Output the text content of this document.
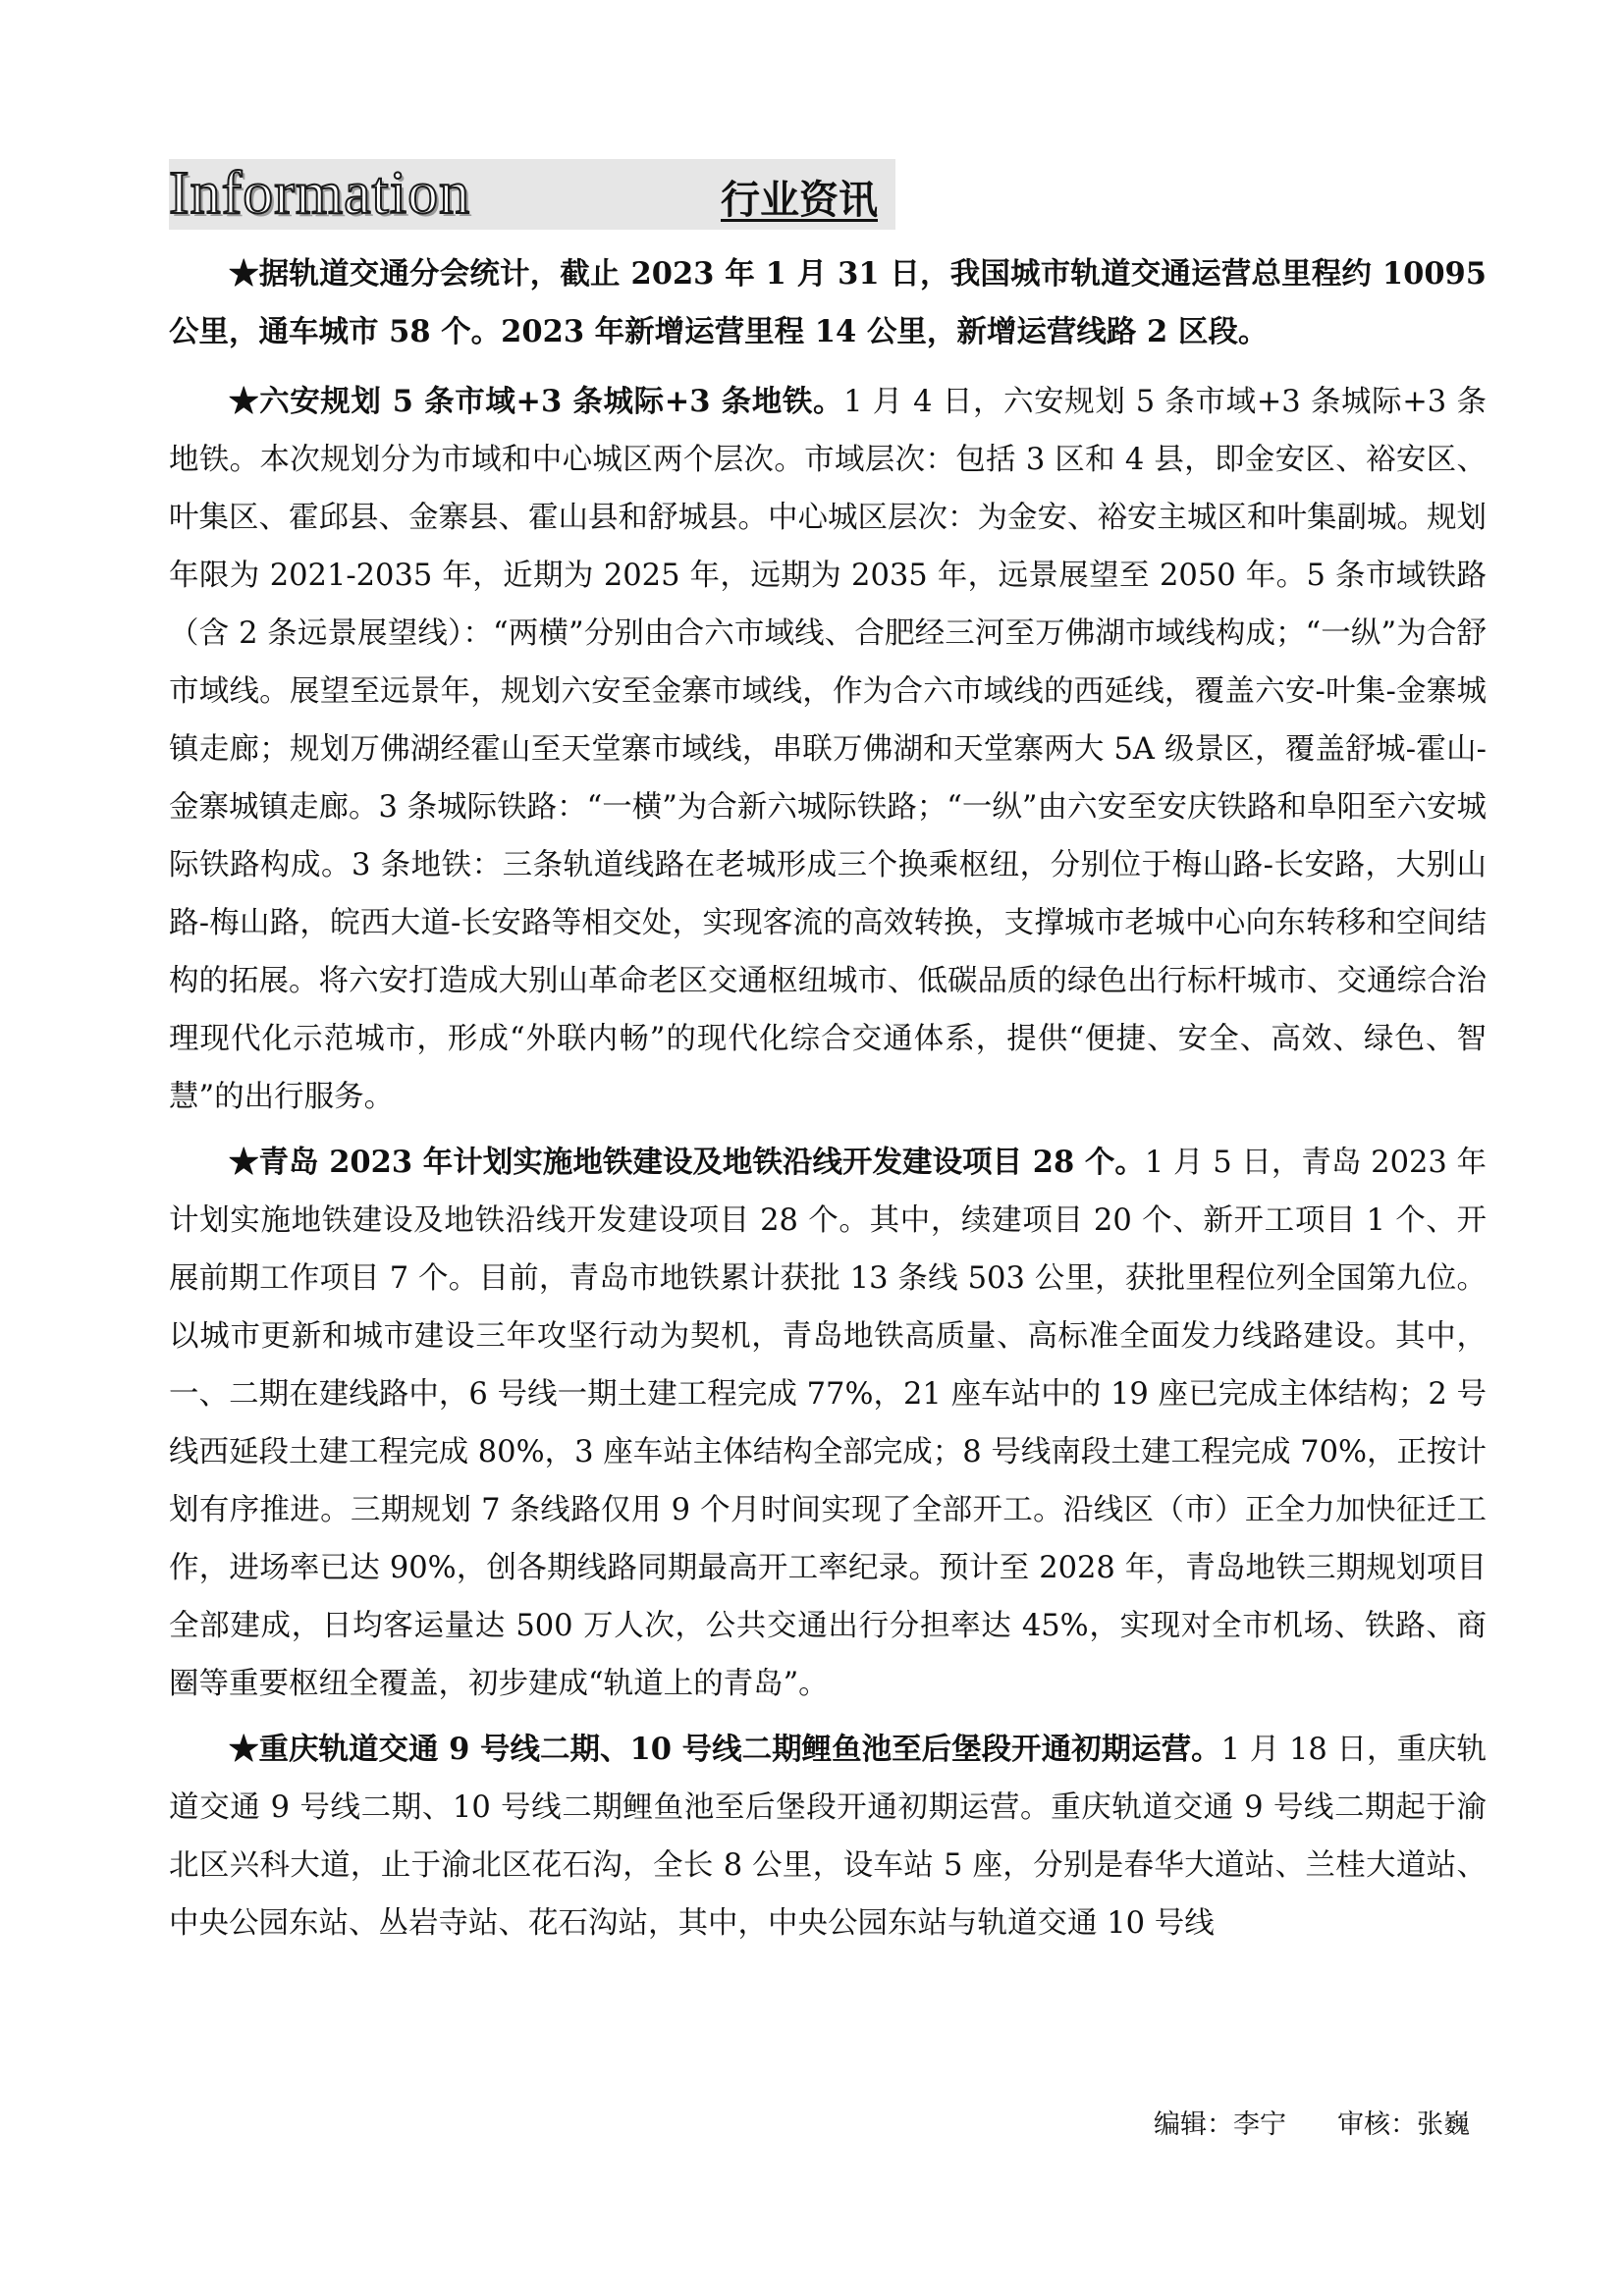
Information	行业资讯

★据轨道交通分会统计，截止 2023 年 1 月 31 日，我国城市轨道交通运营总里程约 10095 公里，通车城市 58 个。2023 年新增运营里程 14 公里，新增运营线路 2 区段。

★六安规划 5 条市域+3 条城际+3 条地铁。1 月 4 日，六安规划 5 条市域+3 条城际+3 条地铁。本次规划分为市域和中心城区两个层次。市域层次：包括 3 区和 4 县，即金安区、裕安区、叶集区、霍邱县、金寨县、霍山县和舒城县。中心城区层次：为金安、裕安主城区和叶集副城。规划年限为 2021-2035 年，近期为 2025 年，远期为 2035 年，远景展望至 2050 年。5 条市域铁路（含 2 条远景展望线）：“两横”分别由合六市域线、合肥经三河至万佛湖市域线构成；“一纵”为合舒市域线。展望至远景年，规划六安至金寨市域线，作为合六市域线的西延线，覆盖六安-叶集-金寨城镇走廊；规划万佛湖经霍山至天堂寨市域线，串联万佛湖和天堂寨两大 5A 级景区，覆盖舒城-霍山-金寨城镇走廊。3 条城际铁路：“一横”为合新六城际铁路；“一纵”由六安至安庆铁路和阜阳至六安城际铁路构成。3 条地铁：三条轨道线路在老城形成三个换乘枢纽，分别位于梅山路-长安路，大别山路-梅山路，皖西大道-长安路等相交处，实现客流的高效转换，支撑城市老城中心向东转移和空间结构的拓展。将六安打造成大别山革命老区交通枢纽城市、低碳品质的绿色出行标杆城市、交通综合治理现代化示范城市，形成“外联内畅”的现代化综合交通体系，提供“便捷、安全、高效、绿色、智慧”的出行服务。

★青岛 2023 年计划实施地铁建设及地铁沿线开发建设项目 28 个。1 月 5 日，青岛 2023 年计划实施地铁建设及地铁沿线开发建设项目 28 个。其中，续建项目 20 个、新开工项目 1 个、开展前期工作项目 7 个。目前，青岛市地铁累计获批 13 条线 503 公里，获批里程位列全国第九位。以城市更新和城市建设三年攻坚行动为契机，青岛地铁高质量、高标准全面发力线路建设。其中，一、二期在建线路中，6 号线一期土建工程完成 77%，21 座车站中的 19 座已完成主体结构；2 号线西延段土建工程完成 80%，3 座车站主体结构全部完成；8 号线南段土建工程完成 70%，正按计划有序推进。三期规划 7 条线路仅用 9 个月时间实现了全部开工。沿线区（市）正全力加快征迁工作，进场率已达 90%，创各期线路同期最高开工率纪录。预计至 2028 年，青岛地铁三期规划项目全部建成，日均客运量达 500 万人次，公共交通出行分担率达 45%，实现对全市机场、铁路、商圈等重要枢纽全覆盖，初步建成“轨道上的青岛”。

★重庆轨道交通 9 号线二期、10 号线二期鲤鱼池至后堡段开通初期运营。1 月 18 日，重庆轨道交通 9 号线二期、10 号线二期鲤鱼池至后堡段开通初期运营。重庆轨道交通 9 号线二期起于渝北区兴科大道，止于渝北区花石沟，全长 8 公里，设车站 5 座，分别是春华大道站、兰桂大道站、中央公园东站、丛岩寺站、花石沟站，其中，中央公园东站与轨道交通 10 号线

编辑：李宁 审核：张巍
